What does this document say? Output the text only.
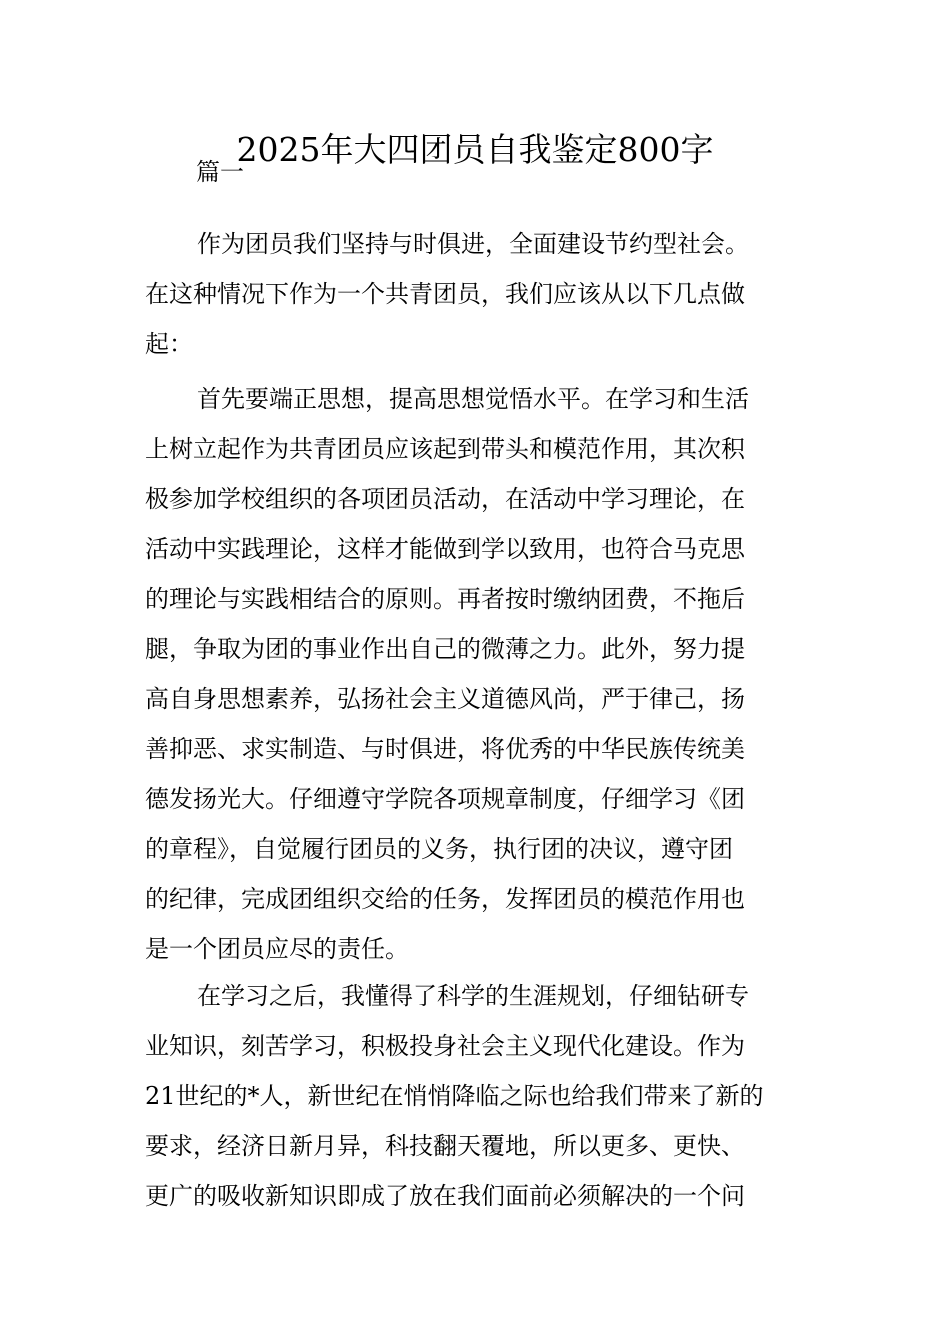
2025年大四团员自我鉴定800字
篇一
作为团员我们坚持与时俱进，全面建设节约型社会。
在这种情况下作为一个共青团员，我们应该从以下几点做
起：
首先要端正思想，提高思想觉悟水平。在学习和生活
上树立起作为共青团员应该起到带头和模范作用，其次积
极参加学校组织的各项团员活动，在活动中学习理论，在
活动中实践理论，这样才能做到学以致用，也符合马克思
的理论与实践相结合的原则。再者按时缴纳团费，不拖后
腿，争取为团的事业作出自己的微薄之力。此外，努力提
高自身思想素养，弘扬社会主义道德风尚，严于律己，扬
善抑恶、求实制造、与时俱进，将优秀的中华民族传统美
德发扬光大。仔细遵守学院各项规章制度，仔细学习《团
的章程》，自觉履行团员的义务，执行团的决议，遵守团
的纪律，完成团组织交给的任务，发挥团员的模范作用也
是一个团员应尽的责任。
在学习之后，我懂得了科学的生涯规划，仔细钻研专
业知识，刻苦学习，积极投身社会主义现代化建设。作为
21世纪的*人，新世纪在悄悄降临之际也给我们带来了新的
要求，经济日新月异，科技翻天覆地，所以更多、更快、
更广的吸收新知识即成了放在我们面前必须解决的一个问
